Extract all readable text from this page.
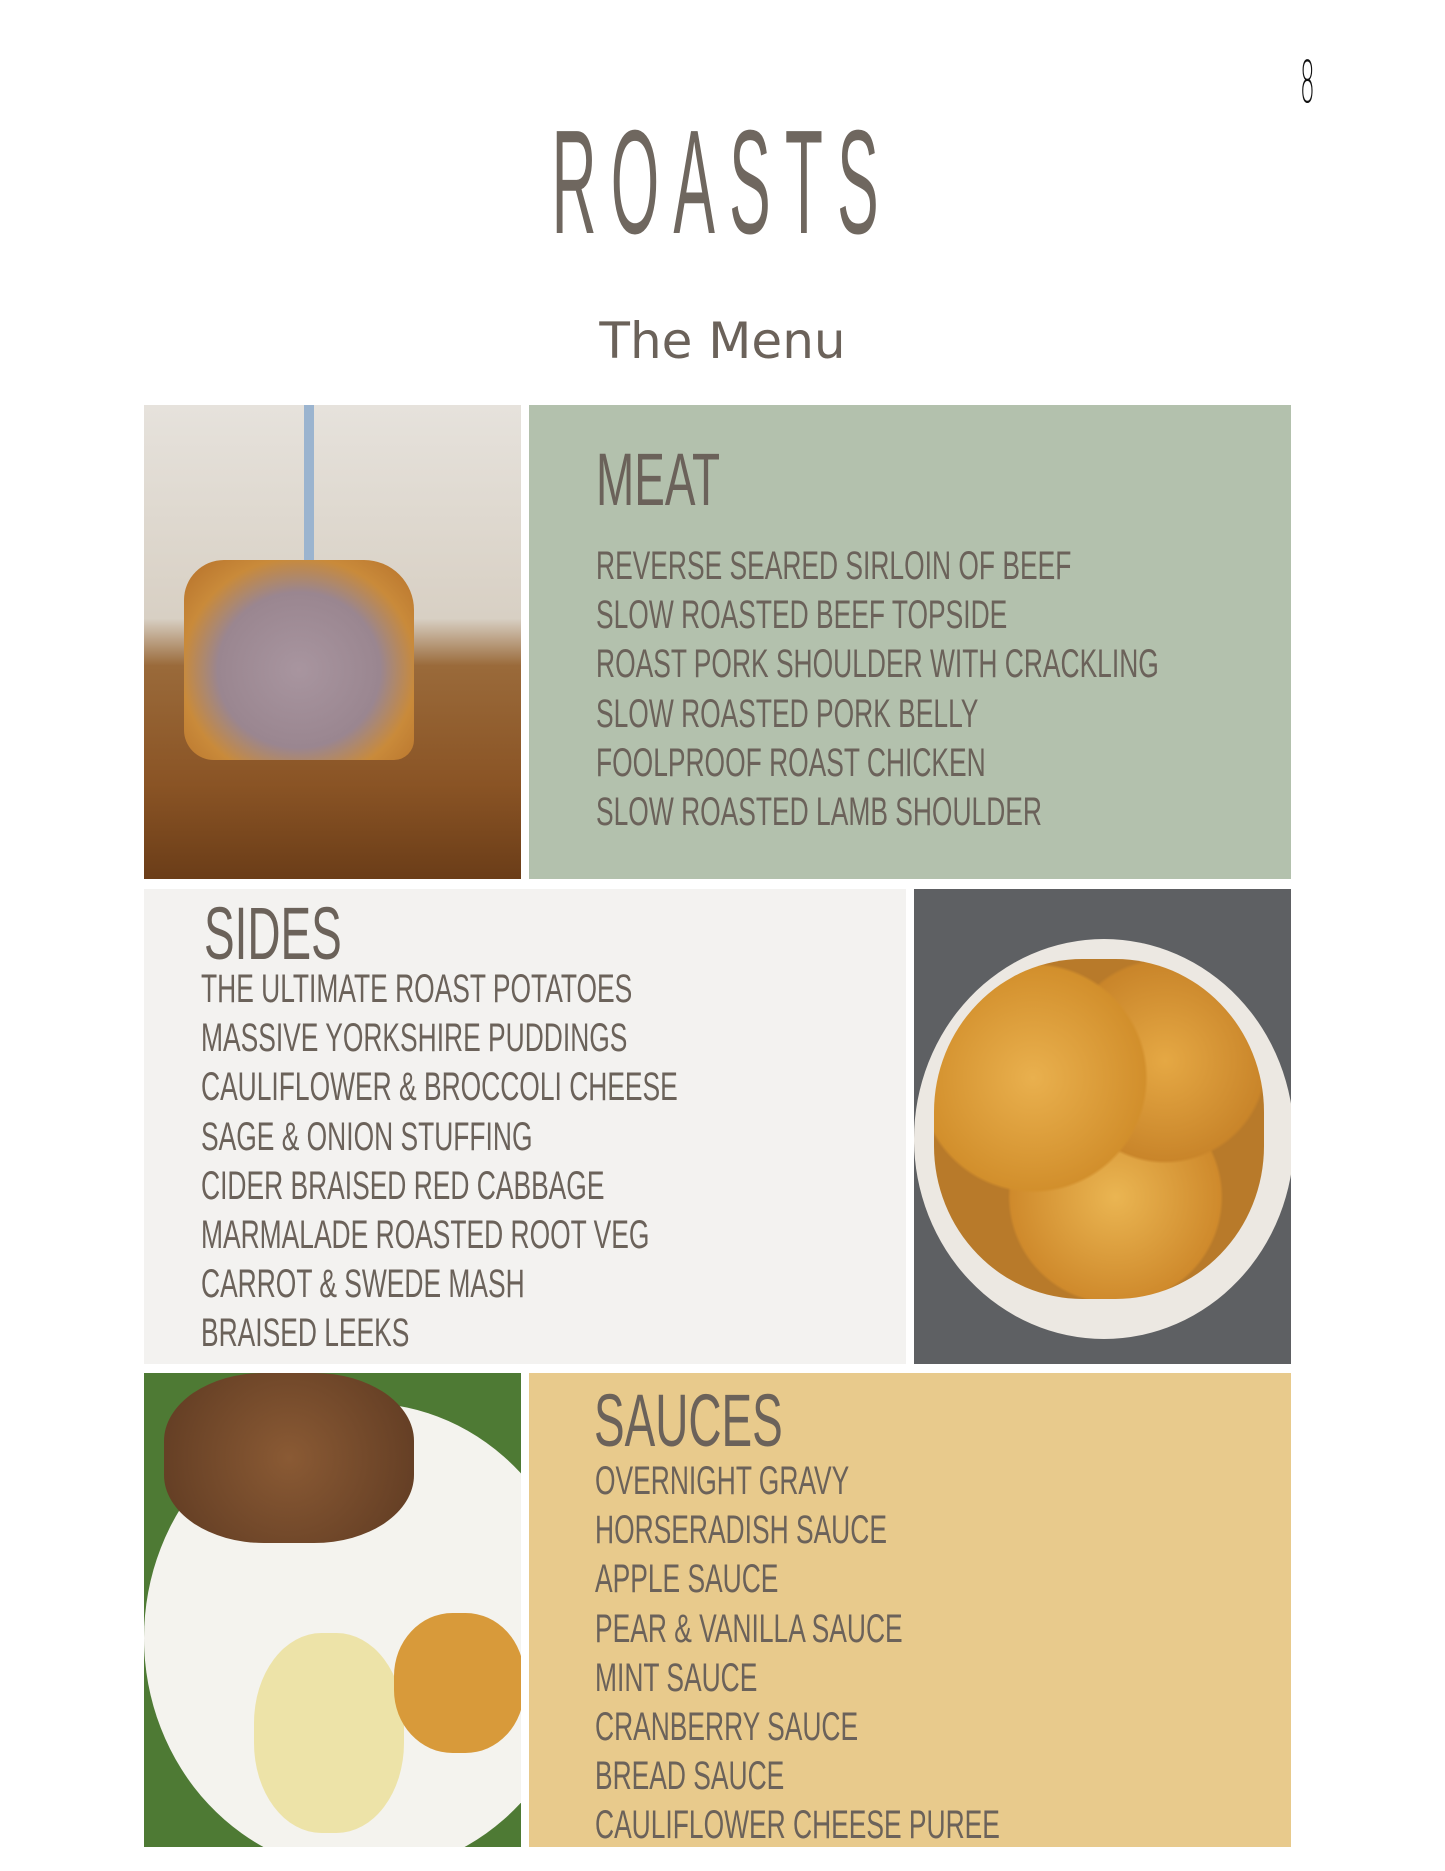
8
ROASTS
The Menu
MEAT
REVERSE SEARED SIRLOIN OF BEEF
SLOW ROASTED BEEF TOPSIDE
ROAST PORK SHOULDER WITH CRACKLING
SLOW ROASTED PORK BELLY
FOOLPROOF ROAST CHICKEN
SLOW ROASTED LAMB SHOULDER
SIDES
THE ULTIMATE ROAST POTATOES
MASSIVE YORKSHIRE PUDDINGS
CAULIFLOWER & BROCCOLI CHEESE
SAGE & ONION STUFFING
CIDER BRAISED RED CABBAGE
MARMALADE ROASTED ROOT VEG
CARROT & SWEDE MASH
BRAISED LEEKS
SAUCES
OVERNIGHT GRAVY
HORSERADISH SAUCE
APPLE SAUCE
PEAR & VANILLA SAUCE
MINT SAUCE
CRANBERRY SAUCE
BREAD SAUCE
CAULIFLOWER CHEESE PUREE
